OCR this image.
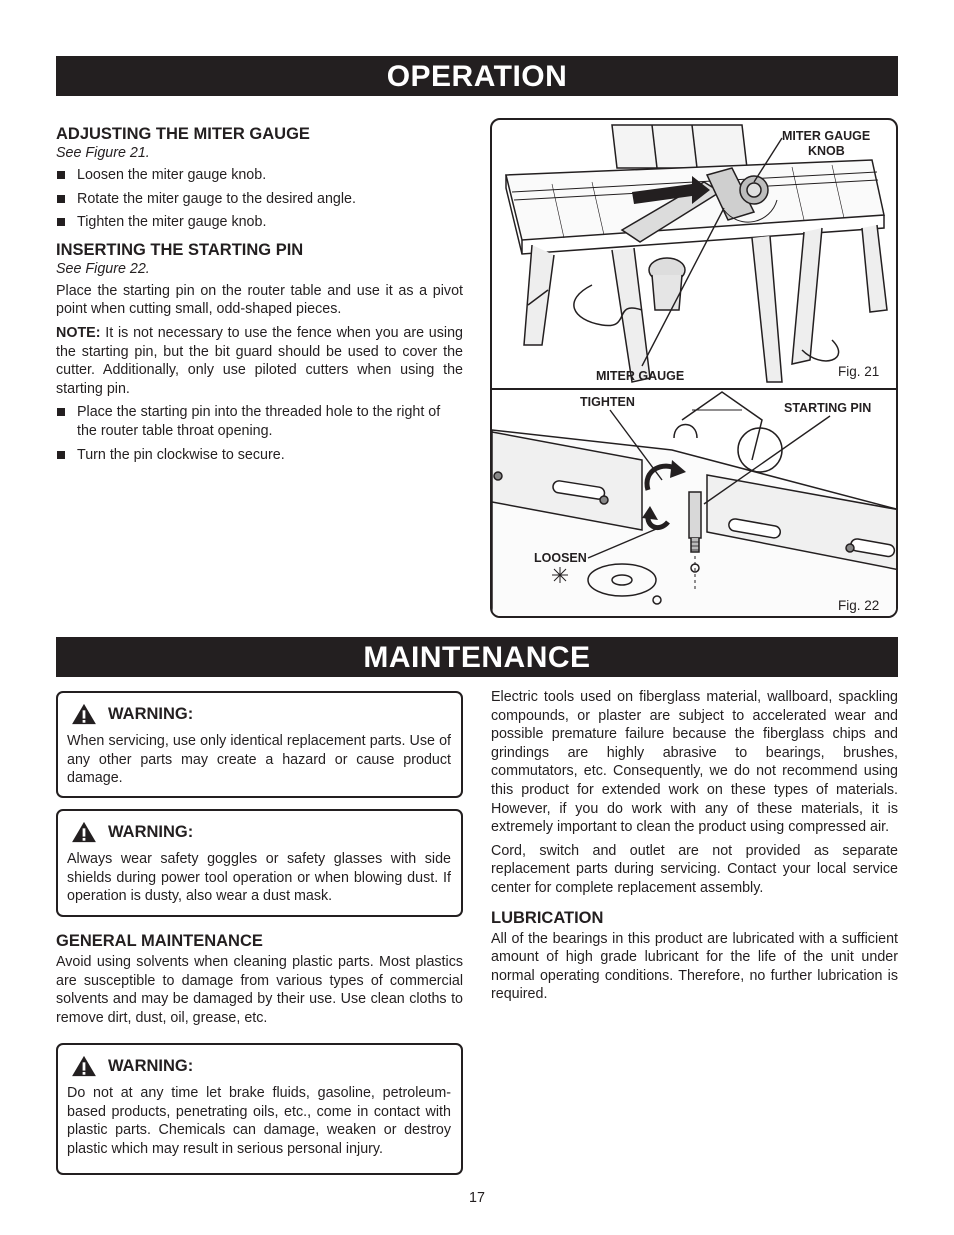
OPERATION
ADJUSTING THE MITER GAUGE
See Figure 21.
Loosen the miter gauge knob.
Rotate the miter gauge to the desired angle.
Tighten the miter gauge knob.
INSERTING THE STARTING PIN
See Figure 22.

Place the starting pin on the router table and use it as a pivot point when cutting small, odd-shaped pieces.

NOTE: It is not necessary to use the fence when you are using the starting pin, but the bit guard should be used to cover the cutter. Additionally, only use piloted cutters when using the starting pin.

Place the starting pin into the threaded hole to the right of the router table throat opening.
Turn the pin clockwise to secure.
MITER GAUGE
KNOB
MITER GAUGE	Fig. 21
TIGHTEN	STARTING PIN
LOOSEN
Fig. 22
MAINTENANCE
WARNING:
When servicing, use only identical replacement parts. Use of any other parts may create a hazard or cause product damage.
WARNING:
Always wear safety goggles or safety glasses with side shields during power tool operation or when blowing dust. If operation is dusty, also wear a dust mask.
GENERAL MAINTENANCE
Avoid using solvents when cleaning plastic parts. Most plastics are susceptible to damage from various types of commercial solvents and may be damaged by their use. Use clean cloths to remove dirt, dust, oil, grease, etc.
WARNING:
Do not at any time let brake fluids, gasoline, petroleum-based products, penetrating oils, etc., come in contact with plastic parts. Chemicals can damage, weaken or destroy plastic which may result in serious personal injury.

Electric tools used on fiberglass material, wallboard, spackling compounds, or plaster are subject to accelerated wear and possible premature failure because the fiberglass chips and grindings are highly abrasive to bearings, brushes, commutators, etc. Consequently, we do not recommend using this product for extended work on these types of materials. However, if you do work with any of these materials, it is extremely important to clean the product using compressed air.

Cord, switch and outlet are not provided as separate replacement parts during servicing. Contact your local service center for complete replacement assembly.

LUBRICATION
All of the bearings in this product are lubricated with a sufficient amount of high grade lubricant for the life of the unit under normal operating conditions. Therefore, no further lubrication is required.
17
